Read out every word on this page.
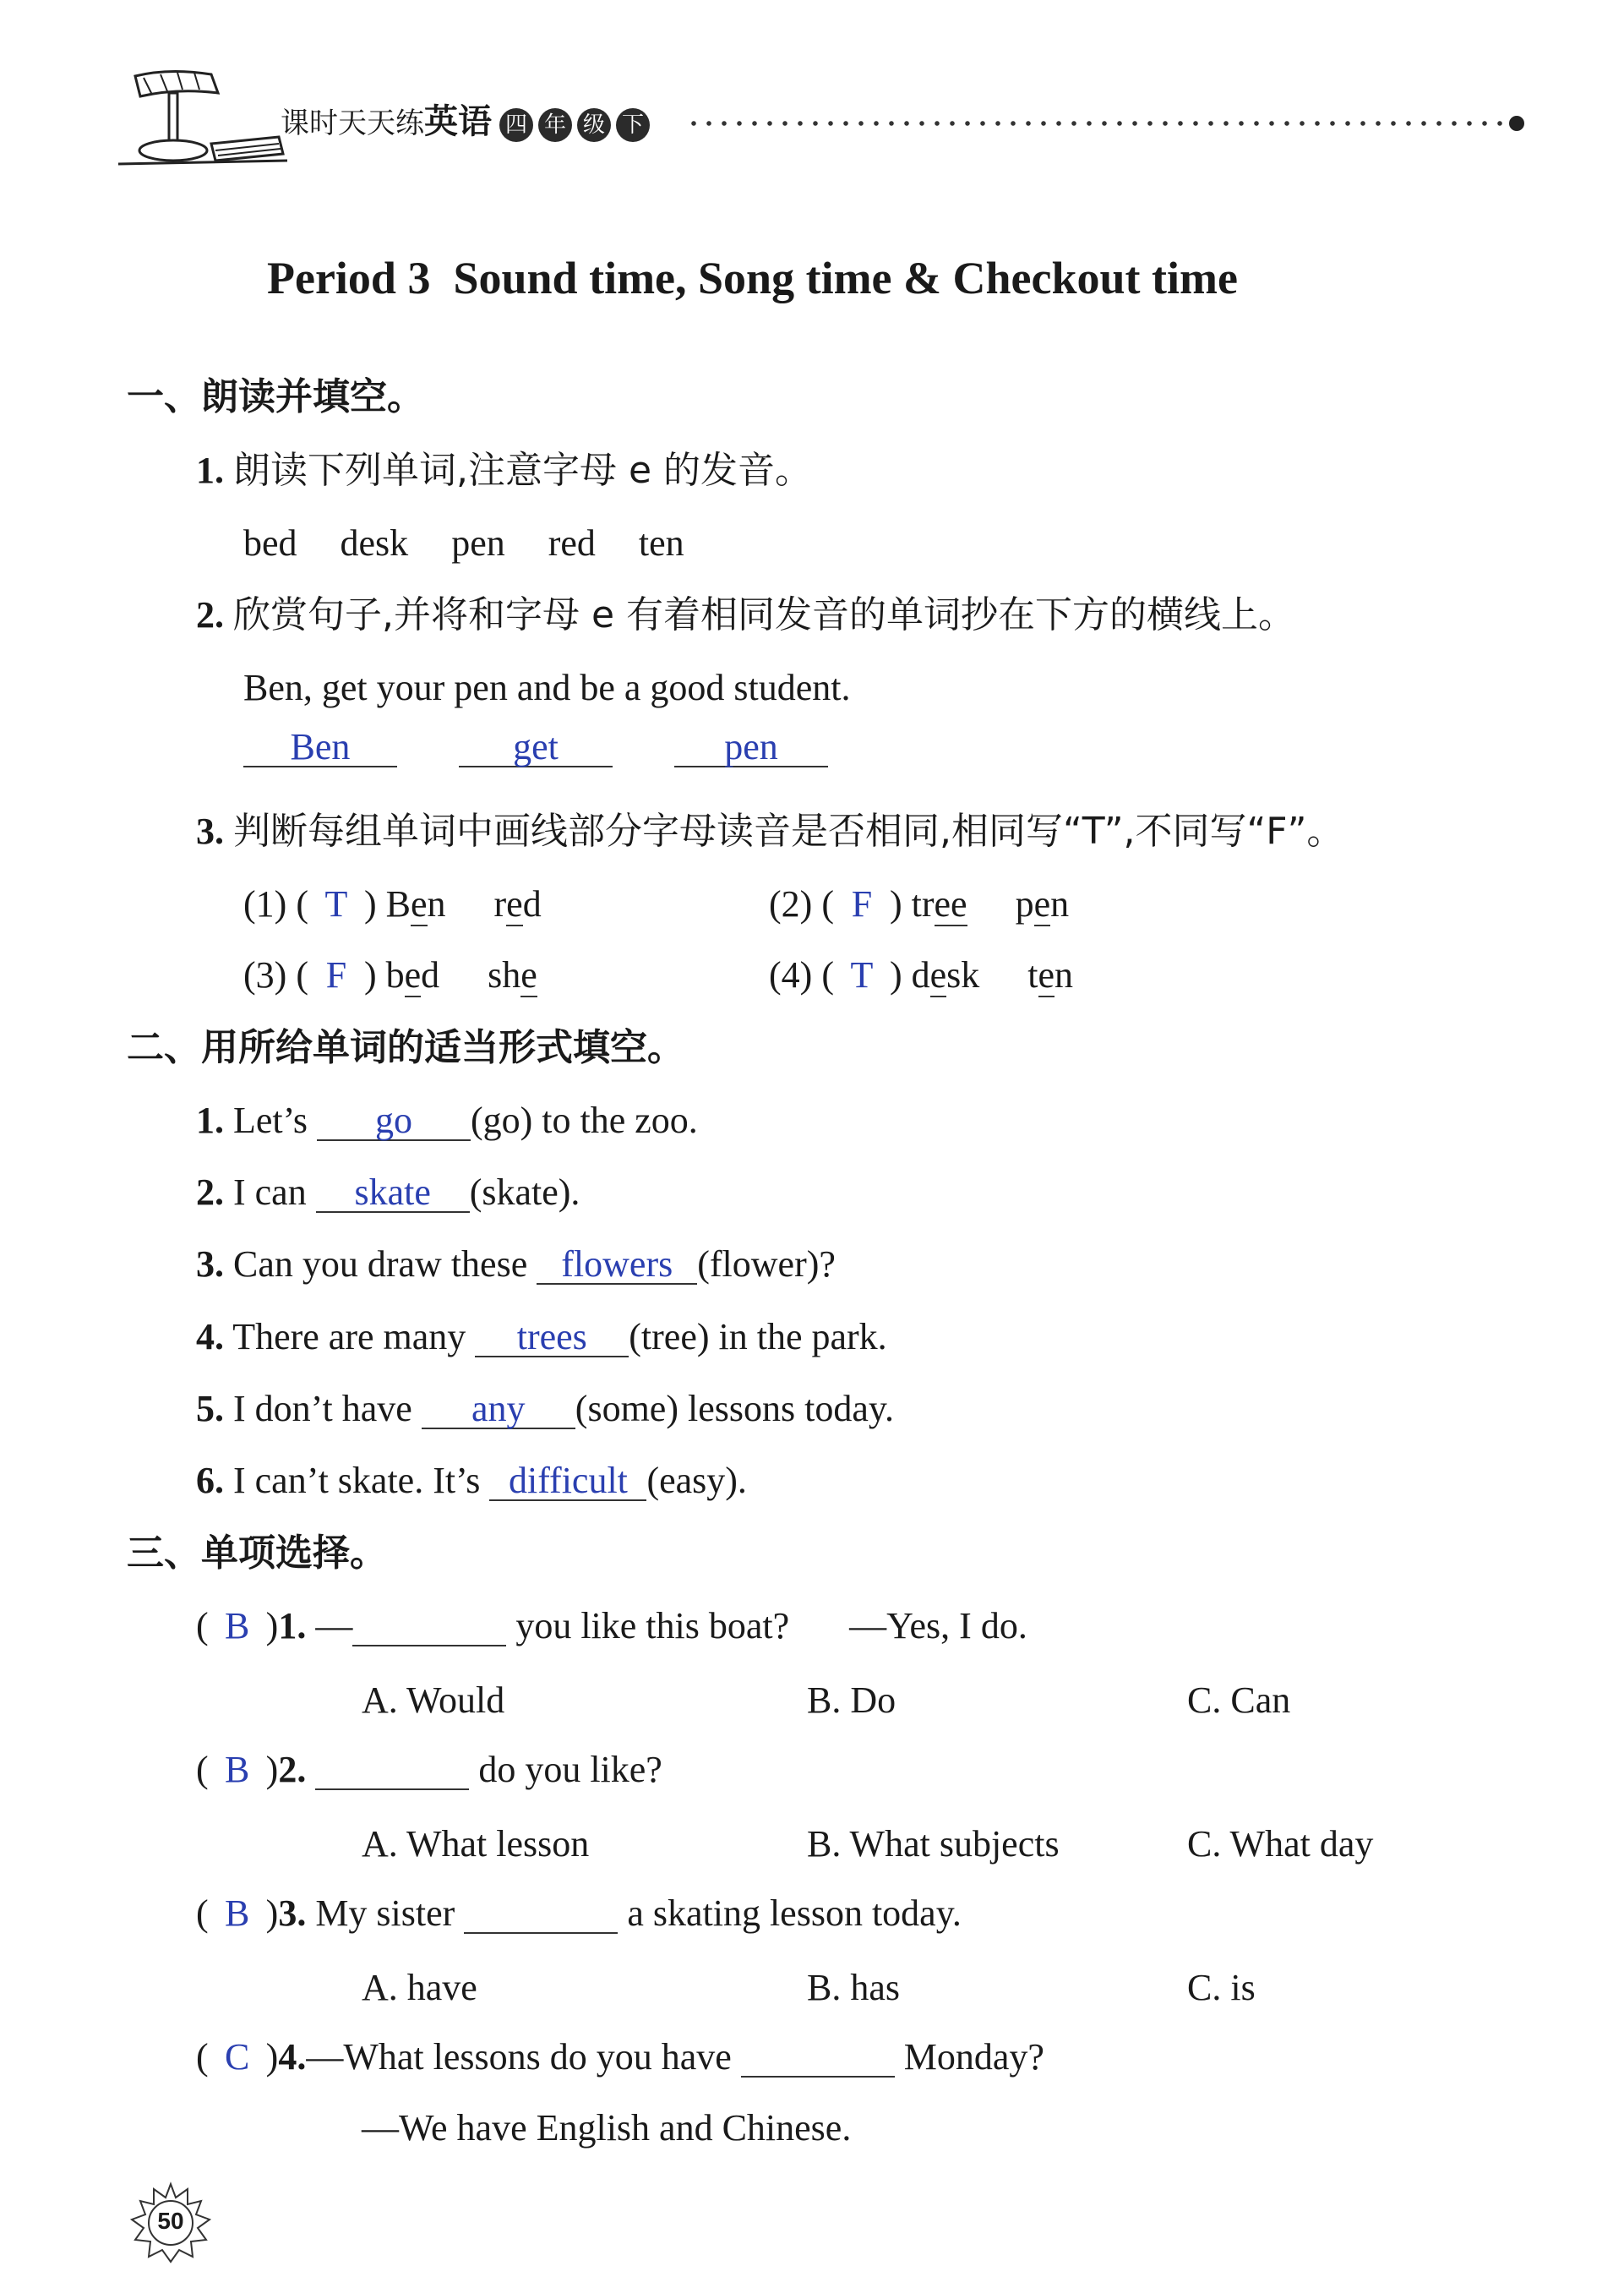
课时天天练英语 四 年 级 下
Period 3  Sound time, Song time & Checkout time
一、朗读并填空。
1. 朗读下列单词,注意字母 e 的发音。
bed desk pen red ten
2. 欣赏句子,并将和字母 e 有着相同发音的单词抄在下方的横线上。
Ben, get your pen and be a good student.
Ben	get	pen
3. 判断每组单词中画线部分字母读音是否相同,相同写“T”,不同写“F”。
(1) ( T ) Ben red	(2) ( F ) tree pen
(3) ( F ) bed she	(4) ( T ) desk ten
二、用所给单词的适当形式填空。
1. Let’s go (go) to the zoo.
2. I can skate (skate).
3. Can you draw these flowers (flower)?
4. There are many trees (tree) in the park.
5. I don’t have any (some) lessons today.
6. I can’t skate. It’s difficult (easy).
三、单项选择。
( B )1. —	you like this boat? —Yes, I do.
A. Would	B. Do	C. Can
( B )2.	do you like?
A. What lesson	B. What subjects	C. What day
( B )3. My sister	a skating lesson today.
A. have	B. has	C. is
( C )4.—What lessons do you have	Monday?
—We have English and Chinese.
50
